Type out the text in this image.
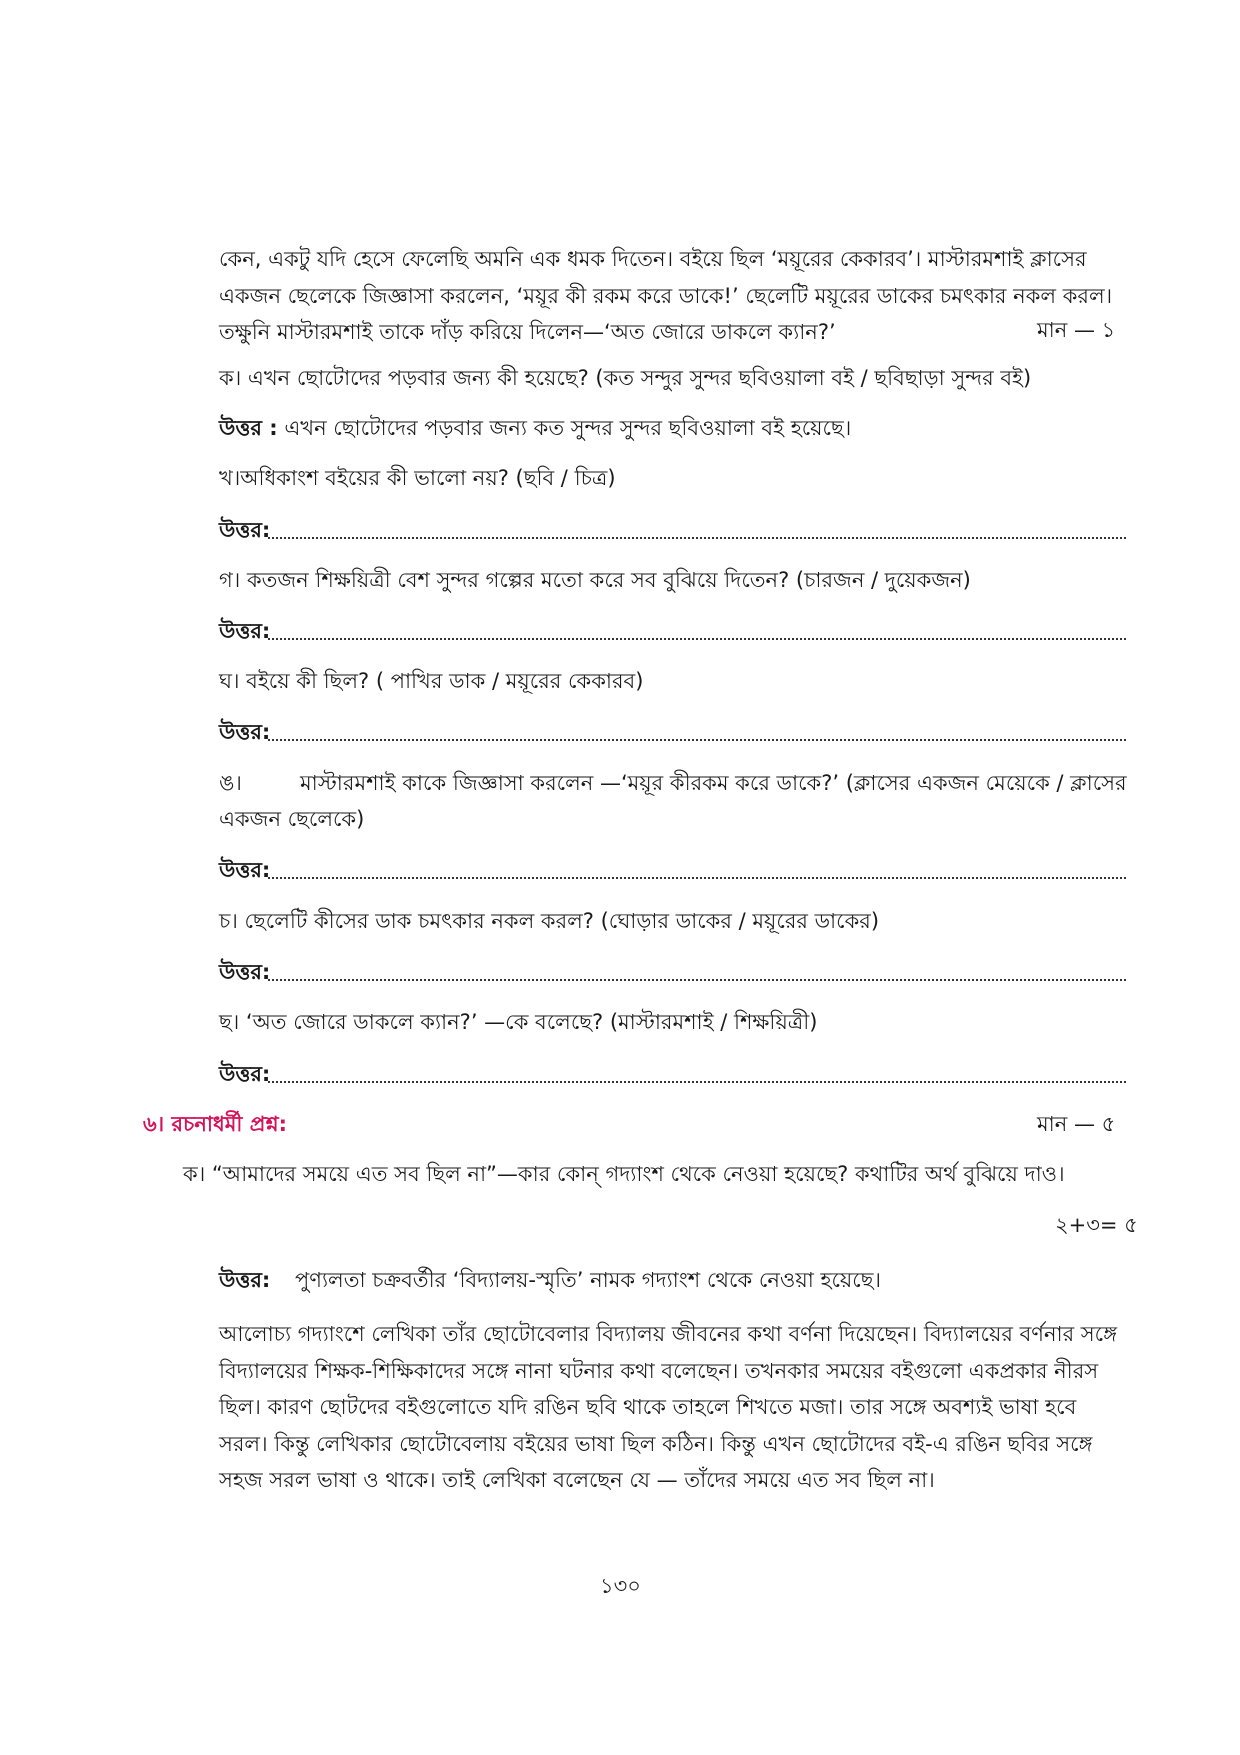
কেন, একটু যদি হেসে ফেলেছি অমনি এক ধমক দিতেন। বইয়ে ছিল ‘ময়ূরের কেকারব’। মাস্টারমশাই ক্লাসের
একজন ছেলেকে জিজ্ঞাসা করলেন, ‘ময়ূর কী রকম করে ডাকে!’ ছেলেটি ময়ূরের ডাকের চমৎকার নকল করল।
তক্ষুনি মাস্টারমশাই তাকে দাঁড় করিয়ে দিলেন—‘অত জোরে ডাকলে ক্যান?’	মান — ১
ক। এখন ছোটোদের পড়বার জন্য কী হয়েছে? (কত সন্দুর সুন্দর ছবিওয়ালা বই / ছবিছাড়া সুন্দর বই)
উত্তর : এখন ছোটোদের পড়বার জন্য কত সুন্দর সুন্দর ছবিওয়ালা বই হয়েছে।
খ।অধিকাংশ বইয়ের কী ভালো নয়? (ছবি / চিত্র)
উত্তর:
গ। কতজন শিক্ষয়িত্রী বেশ সুন্দর গল্পের মতো করে সব বুঝিয়ে দিতেন? (চারজন / দুয়েকজন)
উত্তর:
ঘ। বইয়ে কী ছিল? ( পাখির ডাক / ময়ূরের কেকারব)
উত্তর:
ঙ।	মাস্টারমশাই কাকে জিজ্ঞাসা করলেন —‘ময়ূর কীরকম করে ডাকে?’ (ক্লাসের একজন মেয়েকে / ক্লাসের
একজন ছেলেকে)
উত্তর:
চ। ছেলেটি কীসের ডাক চমৎকার নকল করল? (ঘোড়ার ডাকের / ময়ূরের ডাকের)
উত্তর:
ছ। ‘অত জোরে ডাকলে ক্যান?’ —কে বলেছে? (মাস্টারমশাই / শিক্ষয়িত্রী)
উত্তর:
৬। রচনাধর্মী প্রশ্ন:	মান — ৫
ক। “আমাদের সময়ে এত সব ছিল না”—কার কোন্ গদ্যাংশ থেকে নেওয়া হয়েছে? কথাটির অর্থ বুঝিয়ে দাও।
২+৩= ৫
উত্তর: পুণ্যলতা চক্রবর্তীর ‘বিদ্যালয়-স্মৃতি’ নামক গদ্যাংশ থেকে নেওয়া হয়েছে।
আলোচ্য গদ্যাংশে লেখিকা তাঁর ছোটোবেলার বিদ্যালয় জীবনের কথা বর্ণনা দিয়েছেন। বিদ্যালয়ের বর্ণনার সঙ্গে
বিদ্যালয়ের শিক্ষক-শিক্ষিকাদের সঙ্গে নানা ঘটনার কথা বলেছেন। তখনকার সময়ের বইগুলো একপ্রকার নীরস
ছিল। কারণ ছোটদের বইগুলোতে যদি রঙিন ছবি থাকে তাহলে শিখতে মজা। তার সঙ্গে অবশ্যই ভাষা হবে
সরল। কিন্তু লেখিকার ছোটোবেলায় বইয়ের ভাষা ছিল কঠিন। কিন্তু এখন ছোটোদের বই-এ রঙিন ছবির সঙ্গে
সহজ সরল ভাষা ও থাকে। তাই লেখিকা বলেছেন যে — তাঁদের সময়ে এত সব ছিল না।
১৩০
